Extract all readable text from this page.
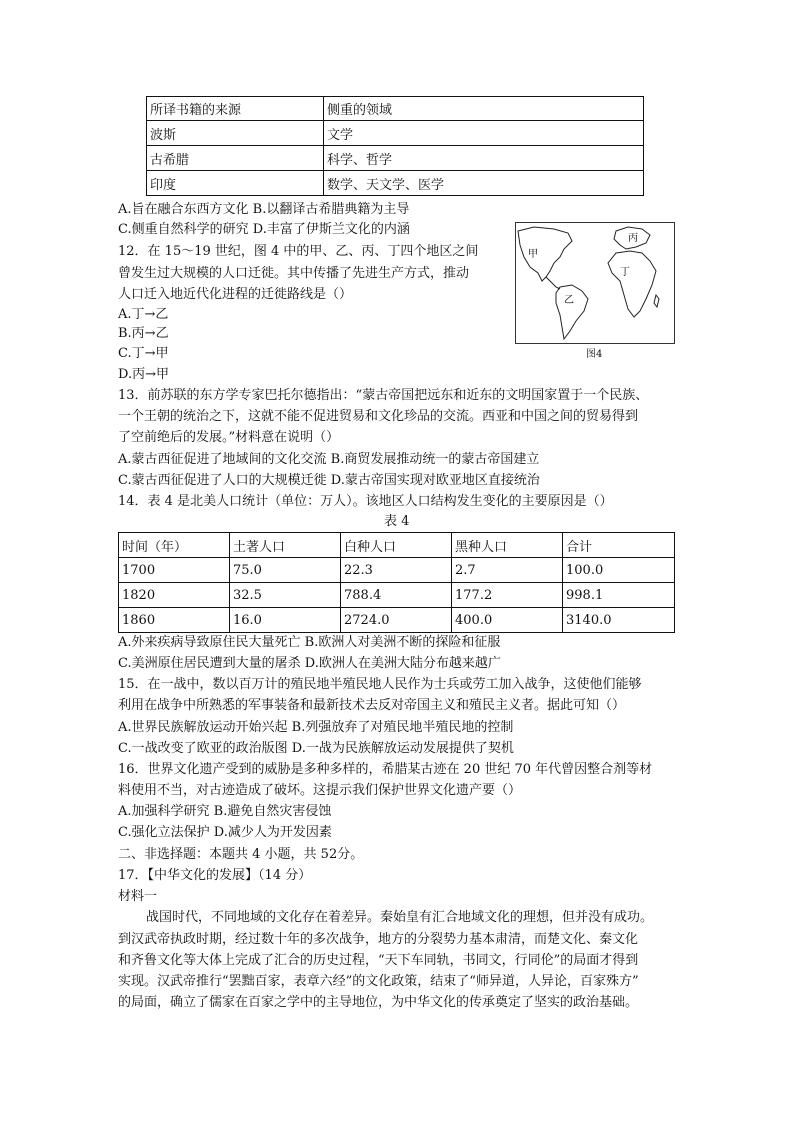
所译书籍的来源	侧重的领域
波斯	文学
古希腊	科学、哲学
印度	数学、天文学、医学
A.旨在融合东西方文化 B.以翻译古希腊典籍为主导
C.侧重自然科学的研究 D.丰富了伊斯兰文化的内涵
12．在 15～19 世纪，图 4 中的甲、乙、丙、丁四个地区之间
曾发生过大规模的人口迁徙。其中传播了先进生产方式，推动
人口迁入地近代化进程的迁徙路线是（）
A.丁→乙
B.丙→乙
C.丁→甲
D.丙→甲
甲
乙
丙
丁
图4
13．前苏联的东方学专家巴托尔德指出：“蒙古帝国把远东和近东的文明国家置于一个民族、
一个王朝的统治之下，这就不能不促进贸易和文化珍品的交流。西亚和中国之间的贸易得到
了空前绝后的发展。”材料意在说明（）
A.蒙古西征促进了地域间的文化交流 B.商贸发展推动统一的蒙古帝国建立
C.蒙古西征促进了人口的大规模迁徙 D.蒙古帝国实现对欧亚地区直接统治
14．表 4 是北美人口统计（单位：万人）。该地区人口结构发生变化的主要原因是（）
表 4
时间（年）	土著人口	白种人口	黑种人口	合计
1700	75.0	22.3	2.7	100.0
1820	32.5	788.4	177.2	998.1
1860	16.0	2724.0	400.0	3140.0
A.外来疾病导致原住民大量死亡 B.欧洲人对美洲不断的探险和征服
C.美洲原住居民遭到大量的屠杀 D.欧洲人在美洲大陆分布越来越广
15．在一战中，数以百万计的殖民地半殖民地人民作为士兵或劳工加入战争，这使他们能够
利用在战争中所熟悉的军事装备和最新技术去反对帝国主义和殖民主义者。据此可知（）
A.世界民族解放运动开始兴起 B.列强放弃了对殖民地半殖民地的控制
C.一战改变了欧亚的政治版图 D.一战为民族解放运动发展提供了契机
16．世界文化遗产受到的威胁是多种多样的，希腊某古迹在 20 世纪 70 年代曾因整合剂等材
料使用不当，对古迹造成了破坏。这提示我们保护世界文化遗产要（）
A.加强科学研究 B.避免自然灾害侵蚀
C.强化立法保护 D.减少人为开发因素
二、非选择题：本题共 4 小题，共 52分。
17．【中华文化的发展】（14 分）
材料一
战国时代，不同地域的文化存在着差异。秦始皇有汇合地域文化的理想，但并没有成功。
到汉武帝执政时期，经过数十年的多次战争，地方的分裂势力基本肃清，而楚文化、秦文化
和齐鲁文化等大体上完成了汇合的历史过程，“天下车同轨，书同文，行同伦”的局面才得到
实现。汉武帝推行“罢黜百家，表章六经”的文化政策，结束了“师异道，人异论，百家殊方”
的局面，确立了儒家在百家之学中的主导地位，为中华文化的传承奠定了坚实的政治基础。
